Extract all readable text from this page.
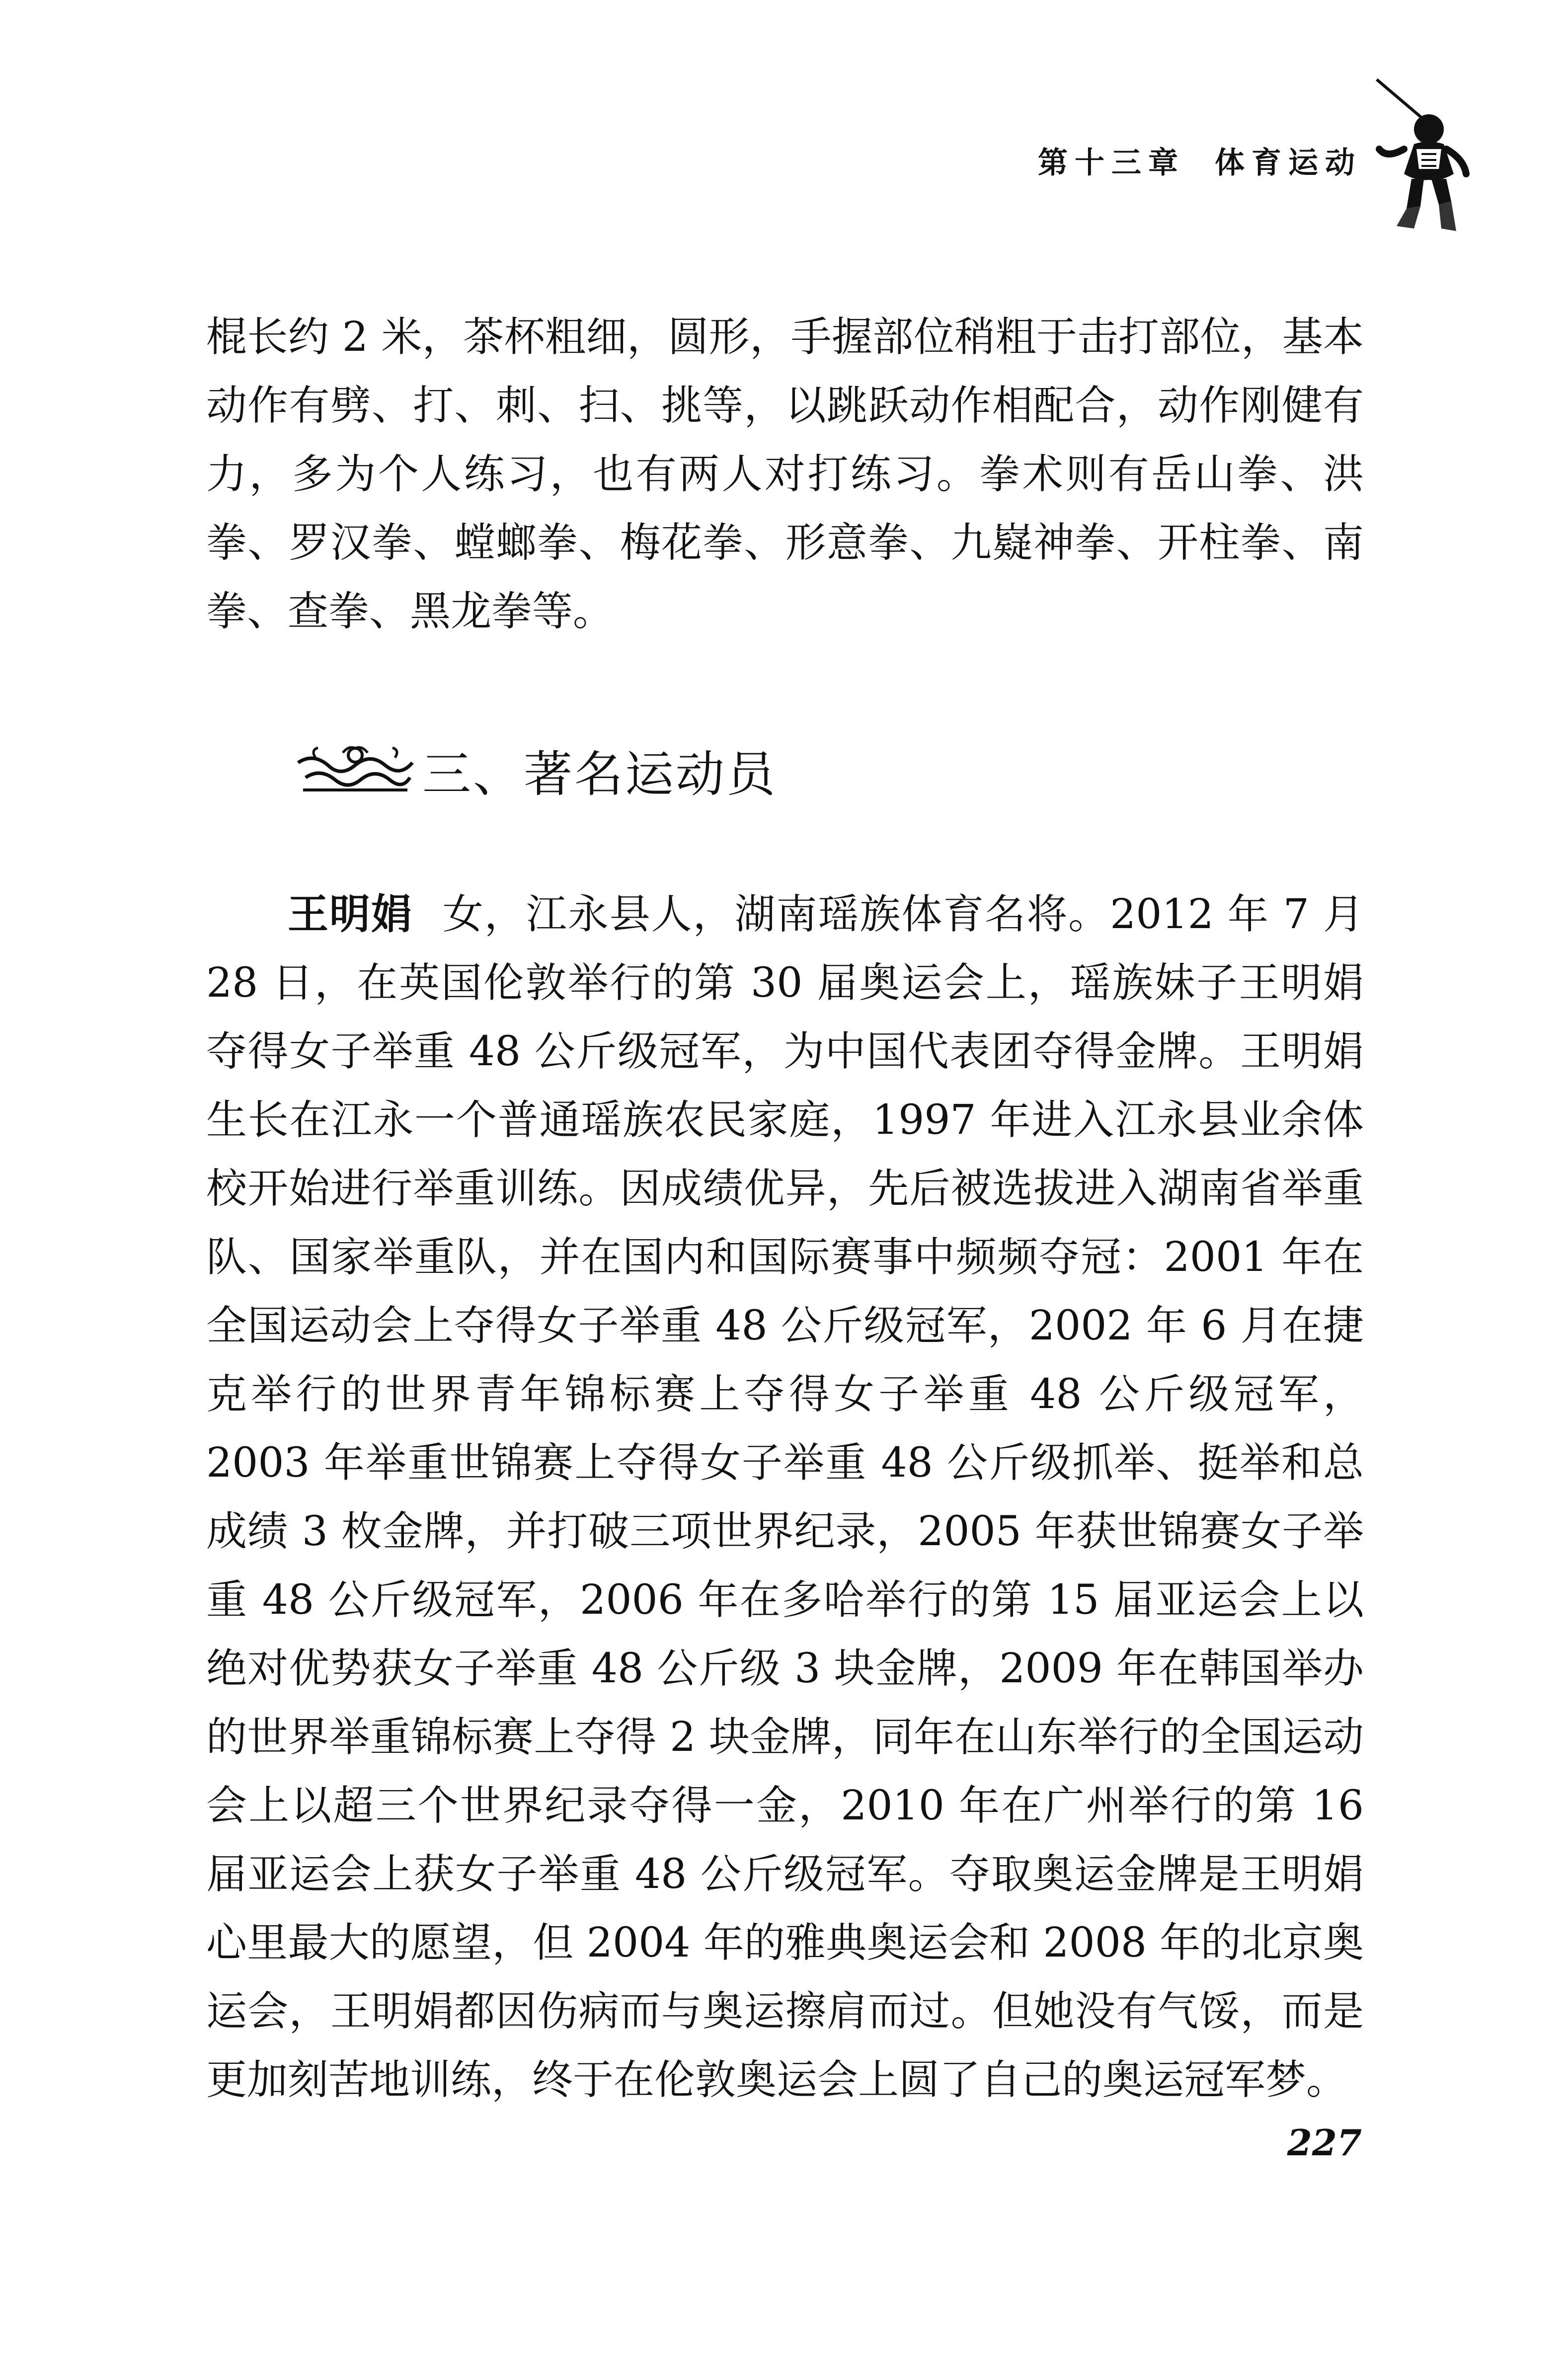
第十三章 体育运动

棍长约 2 米，茶杯粗细，圆形，手握部位稍粗于击打部位，基本动作有劈、打、刺、扫、挑等，以跳跃动作相配合，动作刚健有力，多为个人练习，也有两人对打练习。拳术则有岳山拳、洪拳、罗汉拳、螳螂拳、梅花拳、形意拳、九嶷神拳、开柱拳、南拳、查拳、黑龙拳等。

三、著名运动员

王明娟 女，江永县人，湖南瑶族体育名将。2012 年 7 月 28 日，在英国伦敦举行的第 30 届奥运会上，瑶族妹子王明娟夺得女子举重 48 公斤级冠军，为中国代表团夺得金牌。王明娟生长在江永一个普通瑶族农民家庭，1997 年进入江永县业余体校开始进行举重训练。因成绩优异，先后被选拔进入湖南省举重队、国家举重队，并在国内和国际赛事中频频夺冠：2001 年在全国运动会上夺得女子举重 48 公斤级冠军，2002 年 6 月在捷克举行的世界青年锦标赛上夺得女子举重 48 公斤级冠军，2003 年举重世锦赛上夺得女子举重 48 公斤级抓举、挺举和总成绩 3 枚金牌，并打破三项世界纪录，2005 年获世锦赛女子举重 48 公斤级冠军，2006 年在多哈举行的第 15 届亚运会上以绝对优势获女子举重 48 公斤级 3 块金牌，2009 年在韩国举办的世界举重锦标赛上夺得 2 块金牌，同年在山东举行的全国运动会上以超三个世界纪录夺得一金，2010 年在广州举行的第 16 届亚运会上获女子举重 48 公斤级冠军。夺取奥运金牌是王明娟心里最大的愿望，但 2004 年的雅典奥运会和 2008 年的北京奥运会，王明娟都因伤病而与奥运擦肩而过。但她没有气馁，而是更加刻苦地训练，终于在伦敦奥运会上圆了自己的奥运冠军梦。

227
